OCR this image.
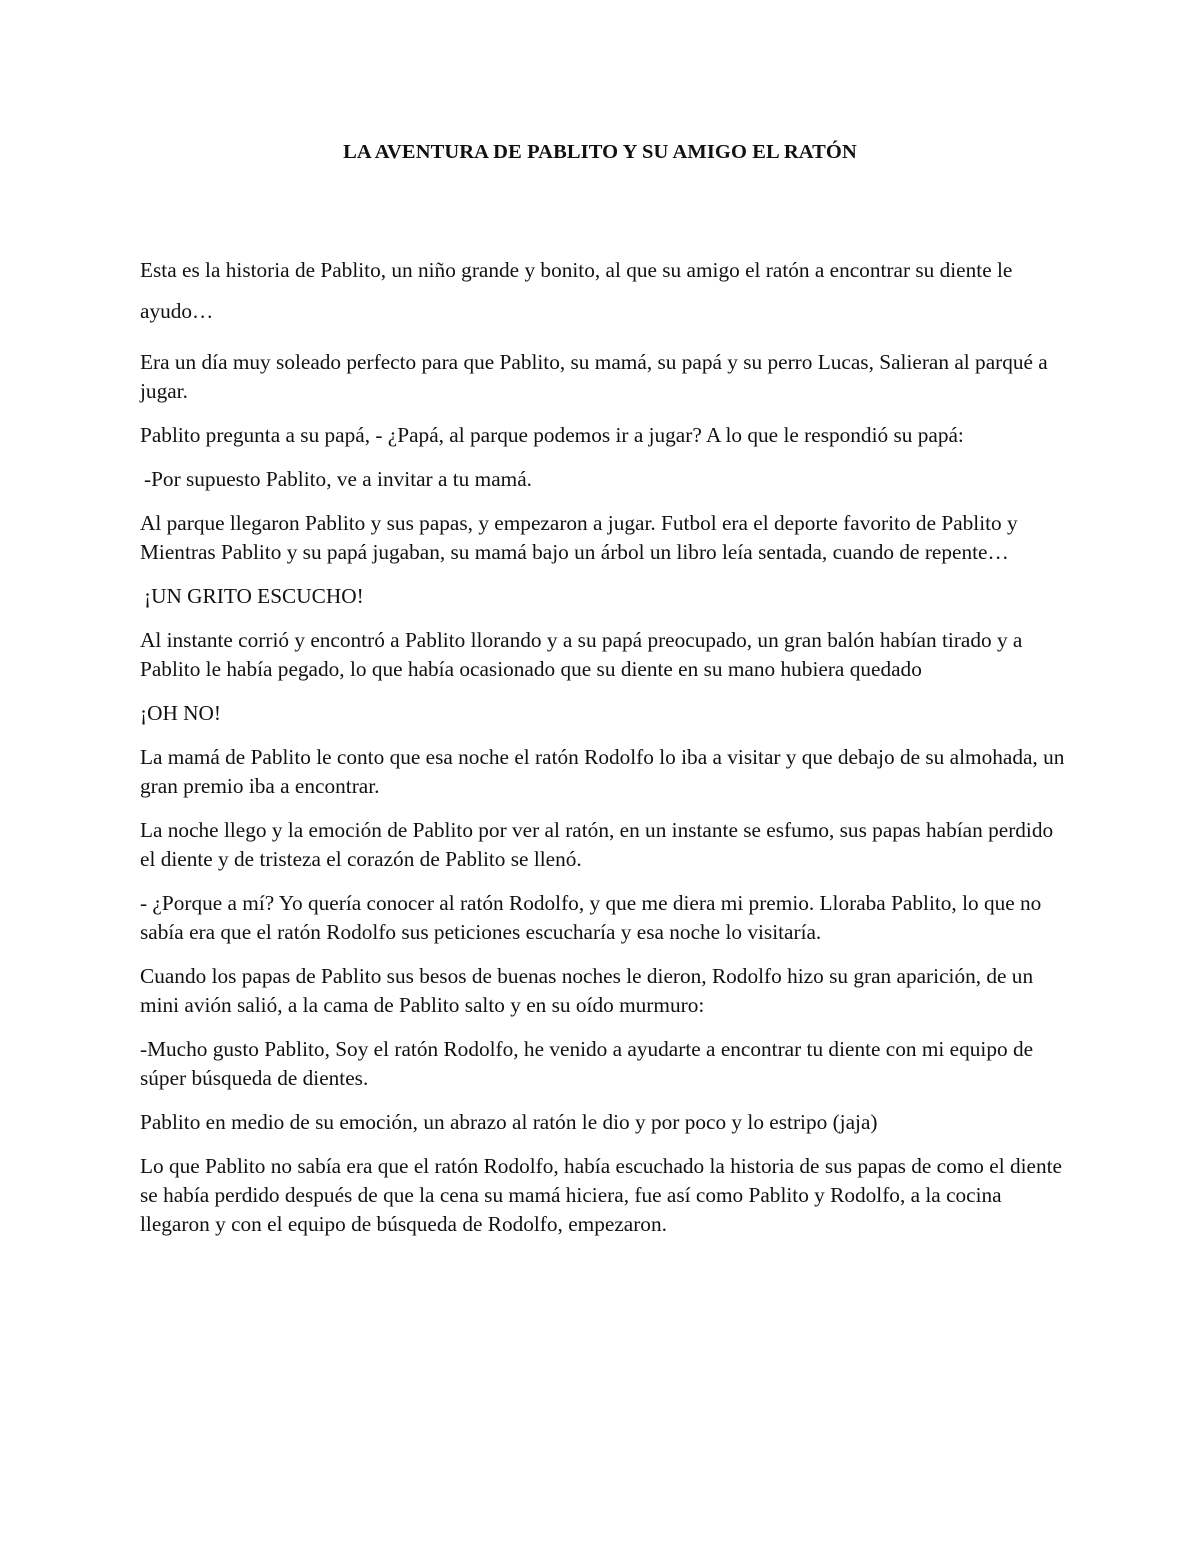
LA AVENTURA DE PABLITO Y SU AMIGO EL RATÓN

Esta es la historia de Pablito, un niño grande y bonito, al que su amigo el ratón a encontrar su diente le ayudo…

Era un día muy soleado perfecto para que Pablito, su mamá, su papá y su perro Lucas, Salieran al parqué a jugar.

Pablito pregunta a su papá, - ¿Papá, al parque podemos ir a jugar? A lo que le respondió su papá:

-Por supuesto Pablito, ve a invitar a tu mamá.

Al parque llegaron Pablito y sus papas, y empezaron a jugar. Futbol era el deporte favorito de Pablito y Mientras Pablito y su papá jugaban, su mamá bajo un árbol un libro leía sentada, cuando de repente…

¡UN GRITO ESCUCHO!

Al instante corrió y encontró a Pablito llorando y a su papá preocupado, un gran balón habían tirado y a Pablito le había pegado, lo que había ocasionado que su diente en su mano hubiera quedado

¡OH NO!

La mamá de Pablito le conto que esa noche el ratón Rodolfo lo iba a visitar y que debajo de su almohada, un gran premio iba a encontrar.

La noche llego y la emoción de Pablito por ver al ratón, en un instante se esfumo, sus papas habían perdido el diente y de tristeza el corazón de Pablito se llenó.

- ¿Porque a mí? Yo quería conocer al ratón Rodolfo, y que me diera mi premio. Lloraba Pablito, lo que no sabía era que el ratón Rodolfo sus peticiones escucharía y esa noche lo visitaría.

Cuando los papas de Pablito sus besos de buenas noches le dieron, Rodolfo hizo su gran aparición, de un mini avión salió, a la cama de Pablito salto y en su oído murmuro:

-Mucho gusto Pablito, Soy el ratón Rodolfo, he venido a ayudarte a encontrar tu diente con mi equipo de súper búsqueda de dientes.

Pablito en medio de su emoción, un abrazo al ratón le dio y por poco y lo estripo (jaja)

Lo que Pablito no sabía era que el ratón Rodolfo, había escuchado la historia de sus papas de como el diente se había perdido después de que la cena su mamá hiciera, fue así como Pablito y Rodolfo, a la cocina llegaron y con el equipo de búsqueda de Rodolfo, empezaron.
